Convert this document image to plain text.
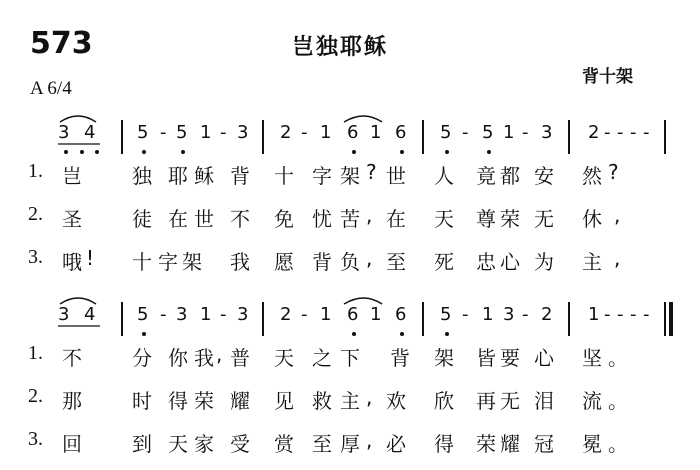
573	岂独耶稣
背十架
A 6/4
3 4 5 - 5 1 - 3 2 - 1 6 1 6 5 - 5 1 - 3 2 - - - -
1. 岂	独 耶 稣 背 十 字 架 ? 世 人 竟 都 安 然 ?
2. 圣	徒 在 世 不 免 忧 苦 , 在 天 尊 荣 无 休 ,
3. 哦 ! 十 字 架 我 愿 背 负 , 至 死 忠 心 为 主 ,
3 4 5 - 3 1 - 3 2 - 1 6 1 6 5 - 1 3 - 2 1 - - - -
1. 不	分 你 我 , 普 天 之 下 背 架 皆 要 心 坚 。
2. 那	时 得 荣 耀 见 救 主 , 欢 欣 再 无 泪 流 。
3. 回	到 天 家 受 赏 至 厚 , 必 得 荣 耀 冠 冕 。
